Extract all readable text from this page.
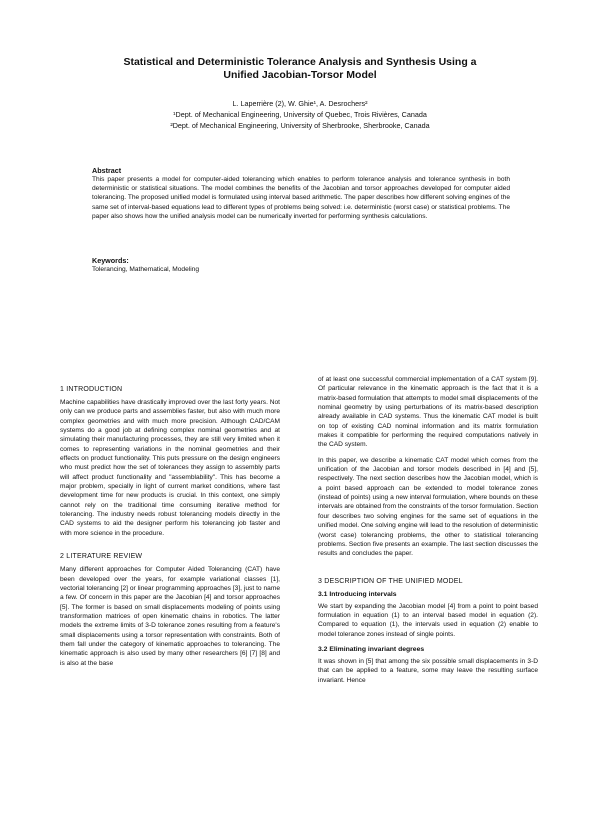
Statistical and Deterministic Tolerance Analysis and Synthesis Using a
Unified Jacobian-Torsor Model
L. Laperrière (2), W. Ghie¹, A. Desrochers²
¹Dept. of Mechanical Engineering, University of Quebec, Trois Rivières, Canada
²Dept. of Mechanical Engineering, University of Sherbrooke, Sherbrooke, Canada
Abstract

This paper presents a model for computer-aided tolerancing which enables to perform tolerance analysis and tolerance synthesis in both deterministic or statistical situations. The model combines the benefits of the Jacobian and torsor approaches developed for computer aided tolerancing. The proposed unified model is formulated using interval based arithmetic. The paper describes how different solving engines of the same set of interval-based equations lead to different types of problems being solved: i.e. deterministic (worst case) or statistical problems. The paper also shows how the unified analysis model can be numerically inverted for performing synthesis calculations.

Keywords:

Tolerancing, Mathematical, Modeling

1 INTRODUCTION

Machine capabilities have drastically improved over the last forty years. Not only can we produce parts and assemblies faster, but also with much more complex geometries and with much more precision. Although CAD/CAM systems do a good job at defining complex nominal geometries and at simulating their manufacturing processes, they are still very limited when it comes to representing variations in the nominal geometries and their effects on product functionality. This puts pressure on the design engineers who must predict how the set of tolerances they assign to assembly parts will affect product functionality and "assemblability". This has become a major problem, specially in light of current market conditions, where fast development time for new products is crucial. In this context, one simply cannot rely on the traditional time consuming iterative method for tolerancing. The industry needs robust tolerancing models directly in the CAD systems to aid the designer perform his tolerancing job faster and with more science in the procedure.

2 LITERATURE REVIEW

Many different approaches for Computer Aided Tolerancing (CAT) have been developed over the years, for example variational classes [1], vectorial tolerancing [2] or linear programming approaches [3], just to name a few. Of concern in this paper are the Jacobian [4] and torsor approaches [5]. The former is based on small displacements modeling of points using transformation matrices of open kinematic chains in robotics. The latter models the extreme limits of 3-D tolerance zones resulting from a feature's small displacements using a torsor representation with constraints. Both of them fall under the category of kinematic approaches to tolerancing. The kinematic approach is also used by many other researchers [6] [7] [8] and is also at the base

of at least one successful commercial implementation of a CAT system [9]. Of particular relevance in the kinematic approach is the fact that it is a matrix-based formulation that attempts to model small displacements of the nominal geometry by using perturbations of its matrix-based description already available in CAD systems. Thus the kinematic CAT model is built on top of existing CAD nominal information and its matrix formulation makes it compatible for performing the required computations natively in the CAD system.

In this paper, we describe a kinematic CAT model which comes from the unification of the Jacobian and torsor models described in [4] and [5], respectively. The next section describes how the Jacobian model, which is a point based approach can be extended to model tolerance zones (instead of points) using a new interval formulation, where bounds on these intervals are obtained from the constraints of the torsor formulation. Section four describes two solving engines for the same set of equations in the unified model. One solving engine will lead to the resolution of deterministic (worst case) tolerancing problems, the other to statistical tolerancing problems. Section five presents an example. The last section discusses the results and concludes the paper.

3 DESCRIPTION OF THE UNIFIED MODEL
3.1 Introducing intervals

We start by expanding the Jacobian model [4] from a point to point based formulation in equation (1) to an interval based model in equation (2). Compared to equation (1), the intervals used in equation (2) enable to model tolerance zones instead of single points.

3.2 Eliminating invariant degrees

It was shown in [5] that among the six possible small displacements in 3-D that can be applied to a feature, some may leave the resulting surface invariant. Hence
